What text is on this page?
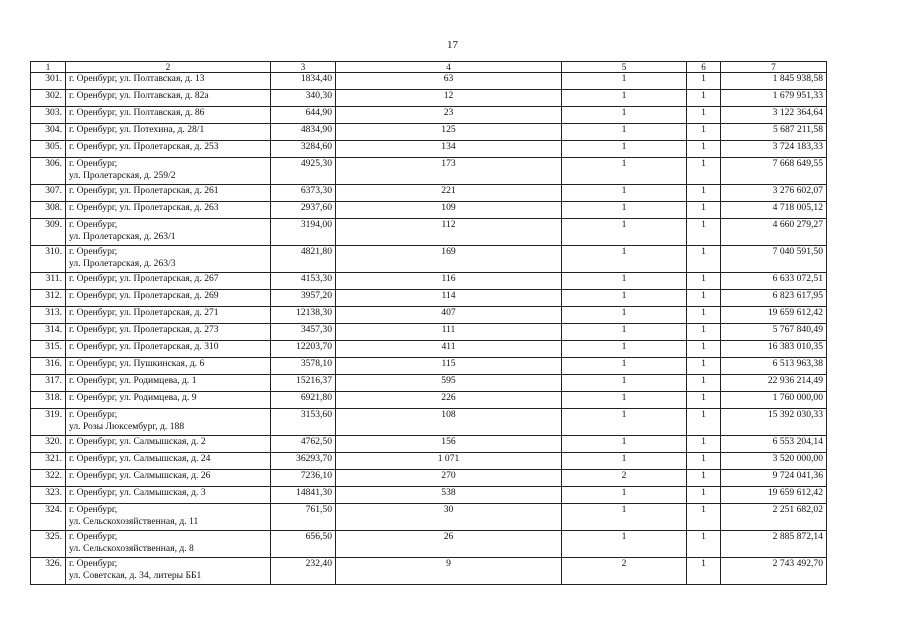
17
1	2	3	4	5	6	7
301.	г. Оренбург, ул. Полтавская, д. 13	1834,40	63	1	1	1 845 938,58
302.	г. Оренбург, ул. Полтавская, д. 82а	340,30	12	1	1	1 679 951,33
303.	г. Оренбург, ул. Полтавская, д. 86	644,90	23	1	1	3 122 364,64
304.	г. Оренбург, ул. Потехина, д. 28/1	4834,90	125	1	1	5 687 211,58
305.	г. Оренбург, ул. Пролетарская, д. 253	3284,60	134	1	1	3 724 183,33
306.	г. Оренбург,
ул. Пролетарская, д. 259/2	4925,30	173	1	1	7 668 649,55
307.	г. Оренбург, ул. Пролетарская, д. 261	6373,30	221	1	1	3 276 602,07
308.	г. Оренбург, ул. Пролетарская, д. 263	2937,60	109	1	1	4 718 005,12
309.	г. Оренбург,
ул. Пролетарская, д. 263/1	3194,00	112	1	1	4 660 279,27
310.	г. Оренбург,
ул. Пролетарская, д. 263/3	4821,80	169	1	1	7 040 591,50
311.	г. Оренбург, ул. Пролетарская, д. 267	4153,30	116	1	1	6 633 072,51
312.	г. Оренбург, ул. Пролетарская, д. 269	3957,20	114	1	1	6 823 617,95
313.	г. Оренбург, ул. Пролетарская, д. 271	12138,30	407	1	1	19 659 612,42
314.	г. Оренбург, ул. Пролетарская, д. 273	3457,30	111	1	1	5 767 840,49
315.	г. Оренбург, ул. Пролетарская, д. 310	12203,70	411	1	1	16 383 010,35
316.	г. Оренбург, ул. Пушкинская, д. 6	3578,10	115	1	1	6 513 963,38
317.	г. Оренбург, ул. Родимцева, д. 1	15216,37	595	1	1	22 936 214,49
318.	г. Оренбург, ул. Родимцева, д. 9	6921,80	226	1	1	1 760 000,00
319.	г. Оренбург,
ул. Розы Люксембург, д. 188	3153,60	108	1	1	15 392 030,33
320.	г. Оренбург, ул. Салмышская, д. 2	4762,50	156	1	1	6 553 204,14
321.	г. Оренбург, ул. Салмышская, д. 24	36293,70	1 071	1	1	3 520 000,00
322.	г. Оренбург, ул. Салмышская, д. 26	7236,10	270	2	1	9 724 041,36
323.	г. Оренбург, ул. Салмышская, д. 3	14841,30	538	1	1	19 659 612,42
324.	г. Оренбург,
ул. Сельскохозяйственная, д. 11	761,50	30	1	1	2 251 682,02
325.	г. Оренбург,
ул. Сельскохозяйственная, д. 8	656,50	26	1	1	2 885 872,14
326.	г. Оренбург,
ул. Советская, д. 34, литеры ББ1	232,40	9	2	1	2 743 492,70
